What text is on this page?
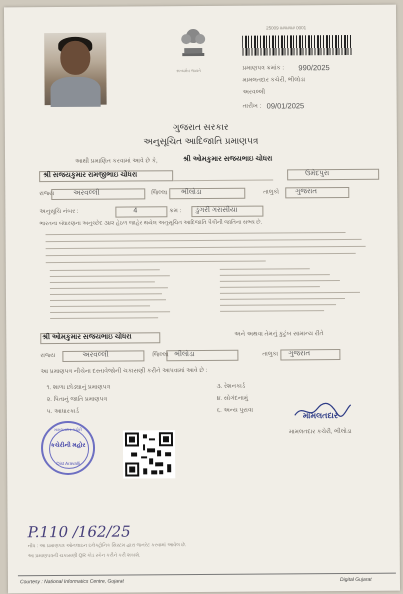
સત્યમેવ જયતે
25009 ###### 0001
પ્રમાણપત્ર ક્રમાંક : 990/2025
મામલતદાર કચેરી, ભીલોડા
અરવલ્લી
તારીખ : 09/01/2025
ગુજરાત સરકાર
અનુસૂચિત આદિજાતિ પ્રમાણપત્ર
આથી પ્રમાણિત કરવામાં આવે છે કે,	શ્રી ઓમકુમાર સજયભાઇ ચોધરા
શ્રી સજયકુમાર રામજીભાઇ ચોધરા	ઉમેદપુરા
રાજ્ય	અરવલ્લી	જિલ્લા ભીલોડા	તાલુકો ગુજરાત
અનુસૂચિ નંબર :	4	ક્રમ : ડુંગરી ગરાસીયા
ભારતના બંધારણના અનુચ્છેદ ૩૪૨ હેઠળ જાહેર થયેલ અનુસૂચિત આદિજાતિ પૈકીની જાતિના સભ્ય છે.
અને અથવા તેમનું કુટુંબ સામાન્ય રીતે
શ્રી ઓમકુમાર સજયભાઇ ચોધરા
રાજ્ય	અરવલ્લી	જિલ્લો ભીલોડા	તાલુકા ગુજરાત
આ પ્રમાણપત્ર નીચેના દસ્તાવેજોની ચકાસણી કરીને આપવામાં આવે છે :
૧. શાળા છોડ્યાનું પ્રમાણપત્ર
૨. પિતાનું જાતિ પ્રમાણપત્ર
૫. આધારકાર્ડ
૩. રેશનકાર્ડ
૪. સોગંદનામું
૬. અન્ય પુરાવા
મામલતદાર કચેરી
કચેરીની મહોર
Dist Aravalli
મામલતદાર
મામલતદાર કચેરી, ભીલોડા
P.110 /162/25
નોંધ : આ પ્રમાણપત્ર ઓનલાઇન ઇલેક્ટ્રોનિક સિસ્ટમ દ્વારા જનરેટ કરવામાં આવેલ છે.
આ પ્રમાણપત્રની ચકાસણી QR કોડ સ્કેન કરીને કરી શકાશે.
Courtesy : National Informatics Centre, Gujarat	Digital Gujarat
